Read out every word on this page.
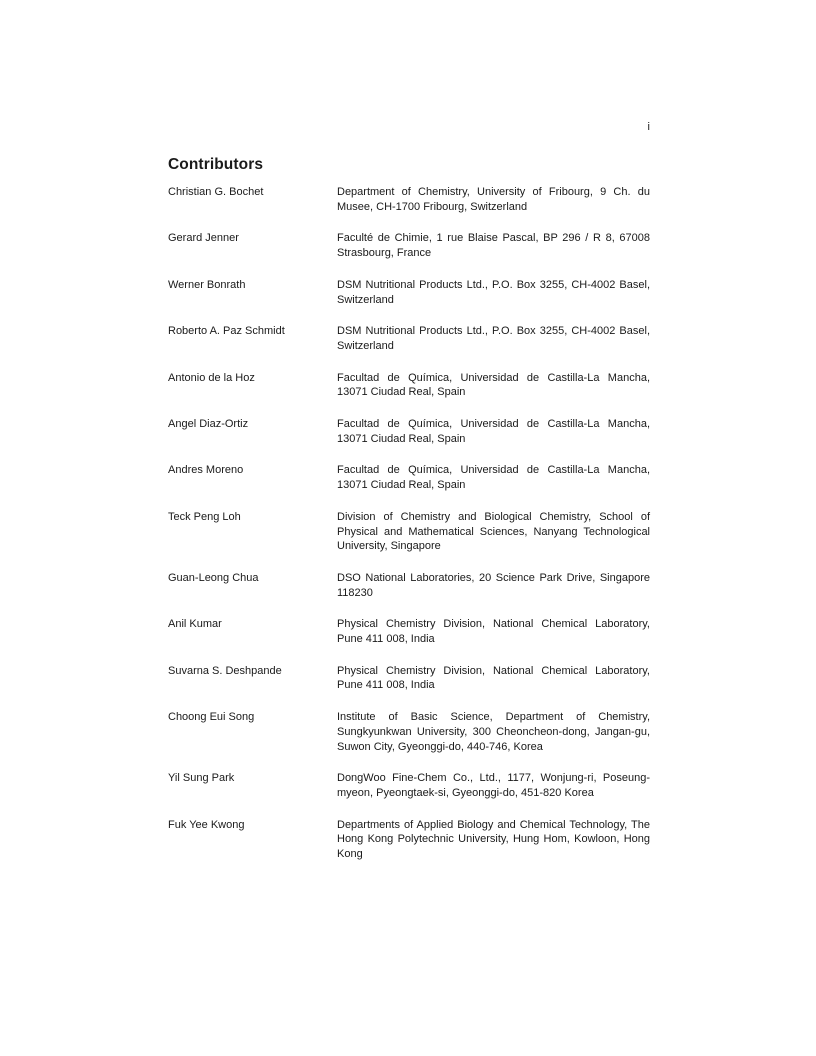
i
Contributors
Christian G. Bochet	Department of Chemistry, University of Fribourg, 9 Ch. du Musee, CH-1700 Fribourg, Switzerland
Gerard Jenner	Faculté de Chimie, 1 rue Blaise Pascal, BP 296 / R 8, 67008 Strasbourg, France
Werner Bonrath	DSM Nutritional Products Ltd., P.O. Box 3255, CH-4002 Basel, Switzerland
Roberto A. Paz Schmidt	DSM Nutritional Products Ltd., P.O. Box 3255, CH-4002 Basel, Switzerland
Antonio de la Hoz	Facultad de Química, Universidad de Castilla-La Mancha, 13071 Ciudad Real, Spain
Angel Diaz-Ortiz	Facultad de Química, Universidad de Castilla-La Mancha, 13071 Ciudad Real, Spain
Andres Moreno	Facultad de Química, Universidad de Castilla-La Mancha, 13071 Ciudad Real, Spain
Teck Peng Loh	Division of Chemistry and Biological Chemistry, School of Physical and Mathematical Sciences, Nanyang Technological University, Singapore
Guan-Leong Chua	DSO National Laboratories, 20 Science Park Drive, Singapore 118230
Anil Kumar	Physical Chemistry Division, National Chemical Laboratory, Pune 411 008, India
Suvarna S. Deshpande	Physical Chemistry Division, National Chemical Laboratory, Pune 411 008, India
Choong Eui Song	Institute of Basic Science, Department of Chemistry, Sungkyunkwan University, 300 Cheoncheon-dong, Jangan-gu, Suwon City, Gyeonggi-do, 440-746, Korea
Yil Sung Park	DongWoo Fine-Chem Co., Ltd., 1177, Wonjung-ri, Poseung-myeon, Pyeongtaek-si, Gyeonggi-do, 451-820 Korea
Fuk Yee Kwong	Departments of Applied Biology and Chemical Technology, The Hong Kong Polytechnic University, Hung Hom, Kowloon, Hong Kong
